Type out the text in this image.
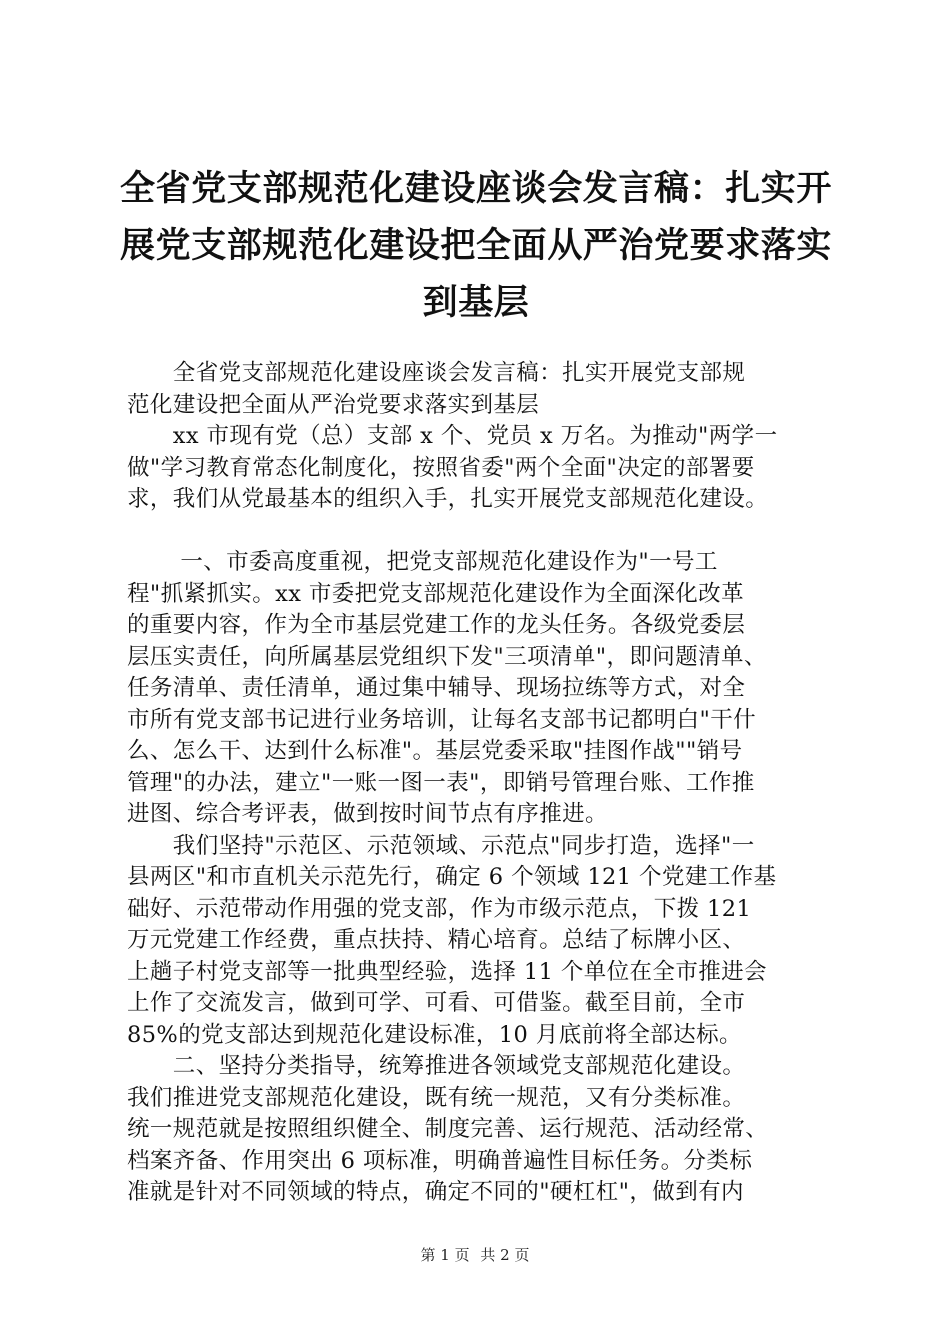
全省党支部规范化建设座谈会发言稿：扎实开
展党支部规范化建设把全面从严治党要求落实
到基层

　　全省党支部规范化建设座谈会发言稿：扎实开展党支部规
范化建设把全面从严治党要求落实到基层

　　xx 市现有党（总）支部 x 个、党员 x 万名。为推动"两学一
做"学习教育常态化制度化，按照省委"两个全面"决定的部署要
求，我们从党最基本的组织入手，扎实开展党支部规范化建设。

　　 一、市委高度重视，把党支部规范化建设作为"一号工
程"抓紧抓实。xx 市委把党支部规范化建设作为全面深化改革
的重要内容，作为全市基层党建工作的龙头任务。各级党委层
层压实责任，向所属基层党组织下发"三项清单"，即问题清单、
任务清单、责任清单，通过集中辅导、现场拉练等方式，对全
市所有党支部书记进行业务培训，让每名支部书记都明白"干什
么、怎么干、达到什么标准"。基层党委采取"挂图作战""销号
管理"的办法，建立"一账一图一表"，即销号管理台账、工作推
进图、综合考评表，做到按时间节点有序推进。

　　我们坚持"示范区、示范领域、示范点"同步打造，选择"一
县两区"和市直机关示范先行，确定 6 个领域 121 个党建工作基
础好、示范带动作用强的党支部，作为市级示范点，下拨 121
万元党建工作经费，重点扶持、精心培育。总结了标牌小区、
上趟子村党支部等一批典型经验，选择 11 个单位在全市推进会
上作了交流发言，做到可学、可看、可借鉴。截至目前，全市
85%的党支部达到规范化建设标准，10 月底前将全部达标。

　　二、坚持分类指导，统筹推进各领域党支部规范化建设。
我们推进党支部规范化建设，既有统一规范，又有分类标准。
统一规范就是按照组织健全、制度完善、运行规范、活动经常、
档案齐备、作用突出 6 项标准，明确普遍性目标任务。分类标
准就是针对不同领域的特点，确定不同的"硬杠杠"，做到有内

第 1 页 共 2 页
